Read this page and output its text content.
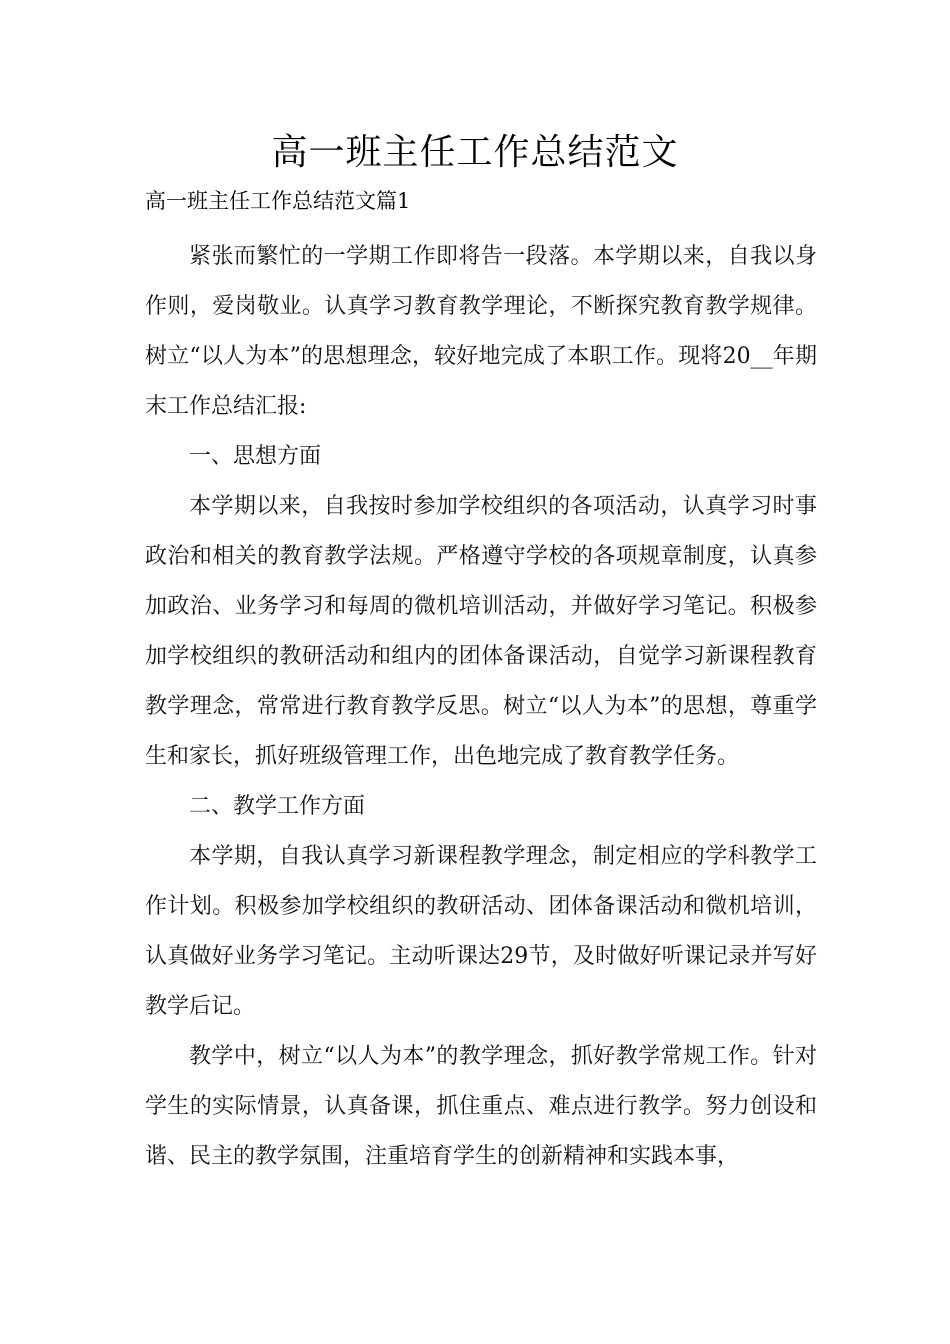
高一班主任工作总结范文
高一班主任工作总结范文篇1

紧张而繁忙的一学期工作即将告一段落。本学期以来，自我以身作则，爱岗敬业。认真学习教育教学理论，不断探究教育教学规律。树立“以人为本”的思想理念，较好地完成了本职工作。现将20__年期末工作总结汇报:

一、思想方面

本学期以来，自我按时参加学校组织的各项活动，认真学习时事政治和相关的教育教学法规。严格遵守学校的各项规章制度，认真参加政治、业务学习和每周的微机培训活动，并做好学习笔记。积极参加学校组织的教研活动和组内的团体备课活动，自觉学习新课程教育教学理念，常常进行教育教学反思。树立“以人为本”的思想，尊重学生和家长，抓好班级管理工作，出色地完成了教育教学任务。

二、教学工作方面

本学期，自我认真学习新课程教学理念，制定相应的学科教学工作计划。积极参加学校组织的教研活动、团体备课活动和微机培训，认真做好业务学习笔记。主动听课达29节，及时做好听课记录并写好教学后记。

教学中，树立“以人为本”的教学理念，抓好教学常规工作。针对学生的实际情景，认真备课，抓住重点、难点进行教学。努力创设和谐、民主的教学氛围，注重培育学生的创新精神和实践本事，
